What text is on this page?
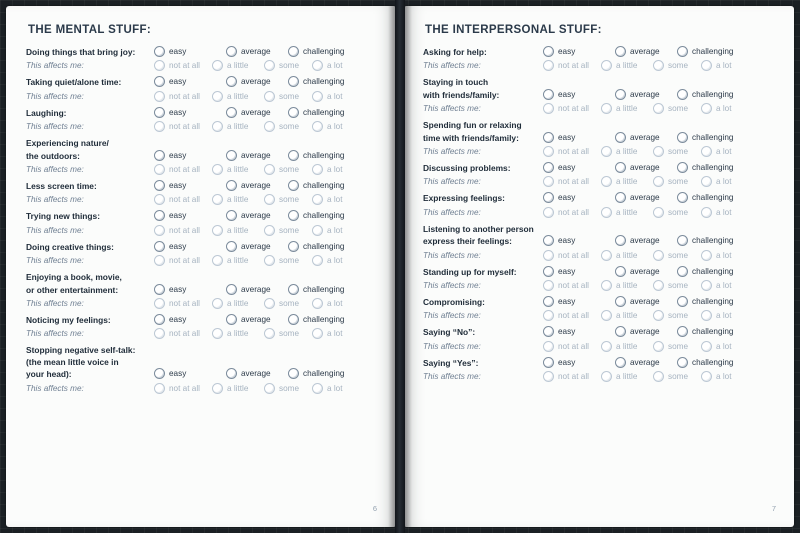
THE MENTAL STUFF:
Doing things that bring joy:	easy	average	challenging
This affects me:	not at all	a little	some	a lot
Taking quiet/alone time:	easy	average	challenging
This affects me:	not at all	a little	some	a lot
Laughing:	easy	average	challenging
This affects me:	not at all	a little	some	a lot
Experiencing nature/
the outdoors:	easy	average	challenging
This affects me:	not at all	a little	some	a lot
Less screen time:	easy	average	challenging
This affects me:	not at all	a little	some	a lot
Trying new things:	easy	average	challenging
This affects me:	not at all	a little	some	a lot
Doing creative things:	easy	average	challenging
This affects me:	not at all	a little	some	a lot
Enjoying a book, movie,
or other entertainment:	easy	average	challenging
This affects me:	not at all	a little	some	a lot
Noticing my feelings:	easy	average	challenging
This affects me:	not at all	a little	some	a lot
Stopping negative self-talk:
(the mean little voice in
your head):	easy	average	challenging
This affects me:	not at all	a little	some	a lot
6
THE INTERPERSONAL STUFF:
Asking for help:	easy	average	challenging
This affects me:	not at all	a little	some	a lot
Staying in touch
with friends/family:	easy	average	challenging
This affects me:	not at all	a little	some	a lot
Spending fun or relaxing
time with friends/family:	easy	average	challenging
This affects me:	not at all	a little	some	a lot
Discussing problems:	easy	average	challenging
This affects me:	not at all	a little	some	a lot
Expressing feelings:	easy	average	challenging
This affects me:	not at all	a little	some	a lot
Listening to another person
express their feelings:	easy	average	challenging
This affects me:	not at all	a little	some	a lot
Standing up for myself:	easy	average	challenging
This affects me:	not at all	a little	some	a lot
Compromising:	easy	average	challenging
This affects me:	not at all	a little	some	a lot
Saying “No”:	easy	average	challenging
This affects me:	not at all	a little	some	a lot
Saying “Yes”:	easy	average	challenging
This affects me:	not at all	a little	some	a lot
7
